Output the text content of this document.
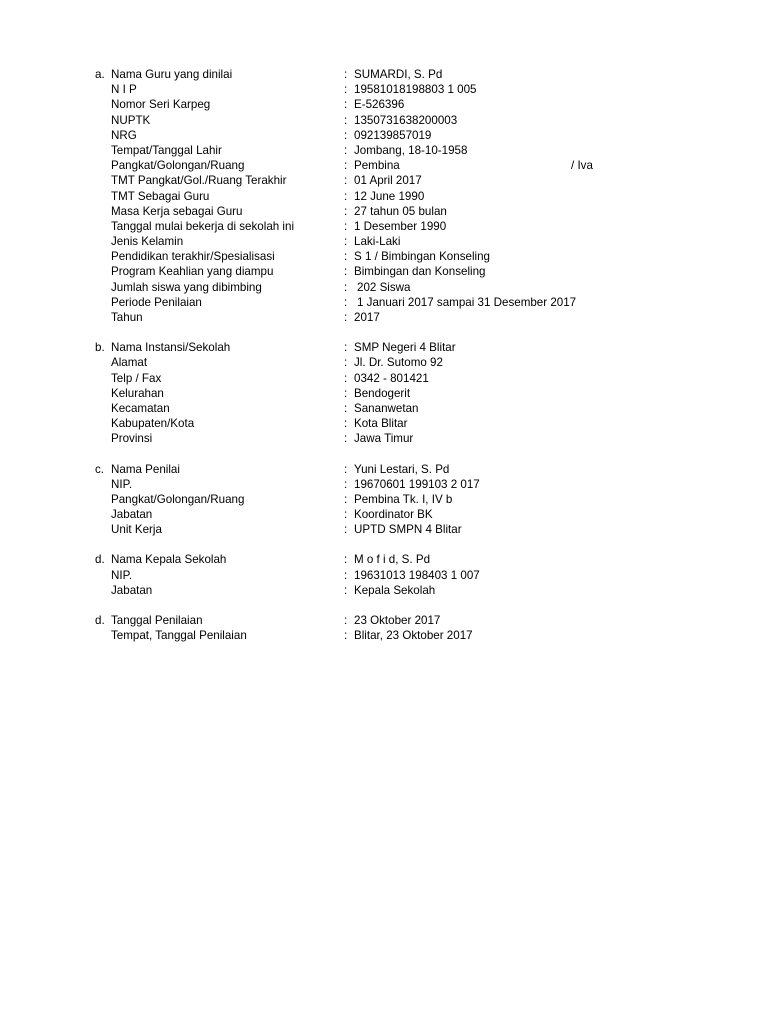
a. Nama Guru yang dinilai	: SUMARDI, S. Pd
N I P	: 19581018198803 1 005
Nomor Seri Karpeg	: E-526396
NUPTK	: 1350731638200003
NRG	: 092139857019
Tempat/Tanggal Lahir	: Jombang, 18-10-1958
Pangkat/Golongan/Ruang	: Pembina	/ Iva
TMT Pangkat/Gol./Ruang Terakhir	: 01 April 2017
TMT Sebagai Guru	: 12 June 1990
Masa Kerja sebagai Guru	: 27 tahun 05 bulan
Tanggal mulai bekerja di sekolah ini	: 1 Desember 1990
Jenis Kelamin	: Laki-Laki
Pendidikan terakhir/Spesialisasi	: S 1 / Bimbingan Konseling
Program Keahlian yang diampu	: Bimbingan dan Konseling
Jumlah siswa yang dibimbing	: 202 Siswa
Periode Penilaian	: 1 Januari 2017 sampai 31 Desember 2017
Tahun	: 2017
b. Nama Instansi/Sekolah	: SMP Negeri 4 Blitar
Alamat	: Jl. Dr. Sutomo 92
Telp / Fax	: 0342 - 801421
Kelurahan	: Bendogerit
Kecamatan	: Sananwetan
Kabupaten/Kota	: Kota Blitar
Provinsi	: Jawa Timur
c. Nama Penilai	: Yuni Lestari, S. Pd
NIP.	: 19670601 199103 2 017
Pangkat/Golongan/Ruang	: Pembina Tk. I, IV b
Jabatan	: Koordinator BK
Unit Kerja	: UPTD SMPN 4 Blitar
d. Nama Kepala Sekolah	: M o f i d, S. Pd
NIP.	: 19631013 198403 1 007
Jabatan	: Kepala Sekolah
d. Tanggal Penilaian	: 23 Oktober 2017
Tempat, Tanggal Penilaian	: Blitar, 23 Oktober 2017
